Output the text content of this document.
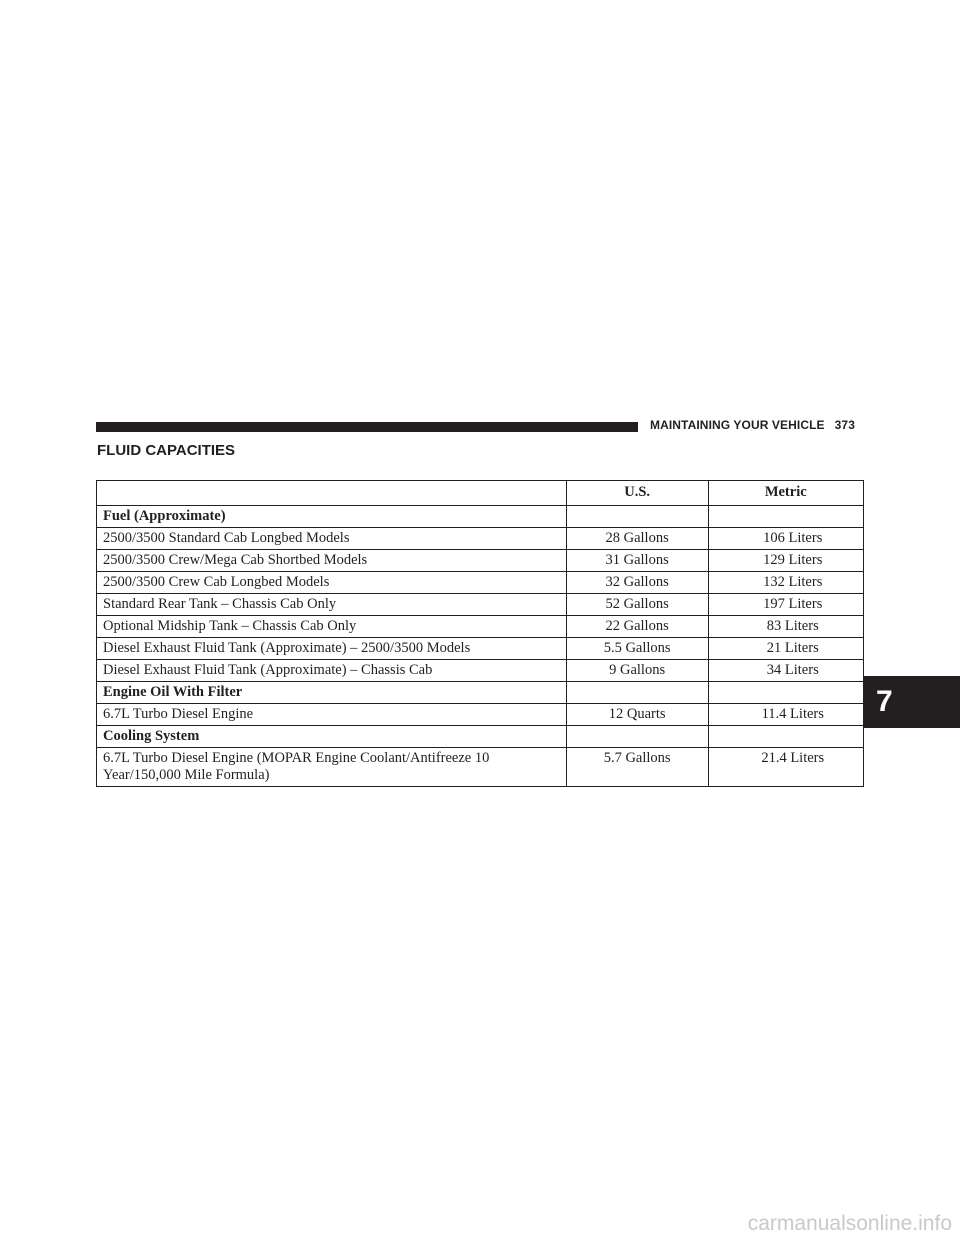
MAINTAINING YOUR VEHICLE 373
FLUID CAPACITIES
	U.S.	Metric
Fuel (Approximate)		
2500/3500 Standard Cab Longbed Models	28 Gallons	106 Liters
2500/3500 Crew/Mega Cab Shortbed Models	31 Gallons	129 Liters
2500/3500 Crew Cab Longbed Models	32 Gallons	132 Liters
Standard Rear Tank – Chassis Cab Only	52 Gallons	197 Liters
Optional Midship Tank – Chassis Cab Only	22 Gallons	83 Liters
Diesel Exhaust Fluid Tank (Approximate) – 2500/3500 Models	5.5 Gallons	21 Liters
Diesel Exhaust Fluid Tank (Approximate) – Chassis Cab	9 Gallons	34 Liters
Engine Oil With Filter		
6.7L Turbo Diesel Engine	12 Quarts	11.4 Liters
Cooling System		
6.7L Turbo Diesel Engine (MOPAR Engine Coolant/Antifreeze 10 Year/150,000 Mile Formula)	5.7 Gallons	21.4 Liters
7
carmanualsonline.info
